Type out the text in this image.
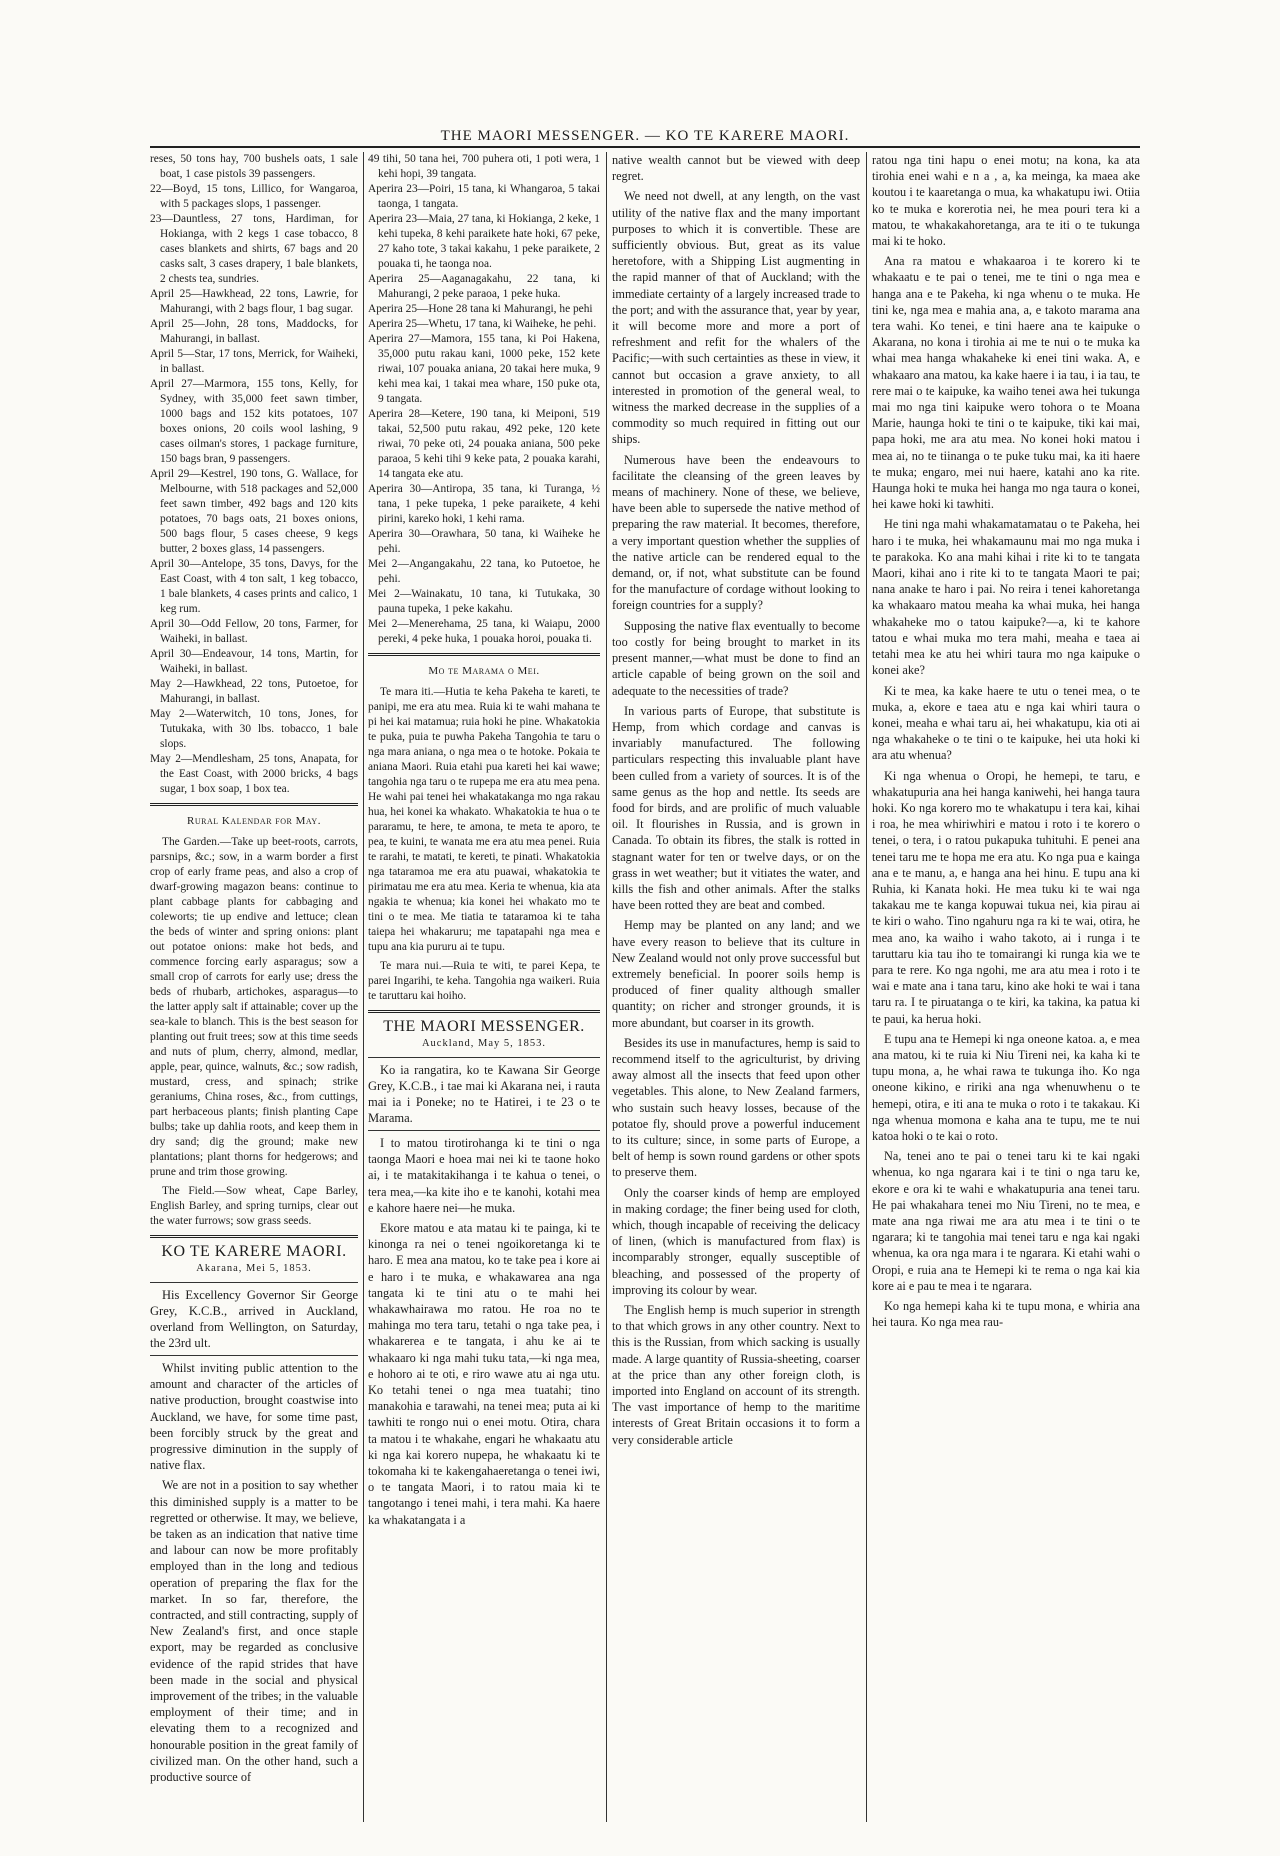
THE MAORI MESSENGER. — KO TE KARERE MAORI.

reses, 50 tons hay, 700 bushels oats, 1 sale boat, 1 case pistols 39 passengers.

22—Boyd, 15 tons, Lillico, for Wangaroa, with 5 packages slops, 1 passenger.

23—Dauntless, 27 tons, Hardiman, for Hokianga, with 2 kegs 1 case tobacco, 8 cases blankets and shirts, 67 bags and 20 casks salt, 3 cases drapery, 1 bale blankets, 2 chests tea, sundries.

April 25—Hawkhead, 22 tons, Lawrie, for Mahurangi, with 2 bags flour, 1 bag sugar.

April 25—John, 28 tons, Maddocks, for Mahurangi, in ballast.

April 5—Star, 17 tons, Merrick, for Waiheki, in ballast.

April 27—Marmora, 155 tons, Kelly, for Sydney, with 35,000 feet sawn timber, 1000 bags and 152 kits potatoes, 107 boxes onions, 20 coils wool lashing, 9 cases oilman's stores, 1 package furniture, 150 bags bran, 9 passengers.

April 29—Kestrel, 190 tons, G. Wallace, for Melbourne, with 518 packages and 52,000 feet sawn timber, 492 bags and 120 kits potatoes, 70 bags oats, 21 boxes onions, 500 bags flour, 5 cases cheese, 9 kegs butter, 2 boxes glass, 14 passengers.

April 30—Antelope, 35 tons, Davys, for the East Coast, with 4 ton salt, 1 keg tobacco, 1 bale blankets, 4 cases prints and calico, 1 keg rum.

April 30—Odd Fellow, 20 tons, Farmer, for Waiheki, in ballast.

April 30—Endeavour, 14 tons, Martin, for Waiheki, in ballast.

May 2—Hawkhead, 22 tons, Putoetoe, for Mahurangi, in ballast.

May 2—Waterwitch, 10 tons, Jones, for Tutukaka, with 30 lbs. tobacco, 1 bale slops.

May 2—Mendlesham, 25 tons, Anapata, for the East Coast, with 2000 bricks, 4 bags sugar, 1 box soap, 1 box tea.

Rural Kalendar for May.

The Garden.—Take up beet-roots, carrots, parsnips, &c.; sow, in a warm border a first crop of early frame peas, and also a crop of dwarf-growing magazon beans: continue to plant cabbage plants for cabbaging and coleworts; tie up endive and lettuce; clean the beds of winter and spring onions: plant out potatoe onions: make hot beds, and commence forcing early asparagus; sow a small crop of carrots for early use; dress the beds of rhubarb, artichokes, asparagus—to the latter apply salt if attainable; cover up the sea-kale to blanch. This is the best season for planting out fruit trees; sow at this time seeds and nuts of plum, cherry, almond, medlar, apple, pear, quince, walnuts, &c.; sow radish, mustard, cress, and spinach; strike geraniums, China roses, &c., from cuttings, part herbaceous plants; finish planting Cape bulbs; take up dahlia roots, and keep them in dry sand; dig the ground; make new plantations; plant thorns for hedgerows; and prune and trim those growing.

The Field.—Sow wheat, Cape Barley, English Barley, and spring turnips, clear out the water furrows; sow grass seeds.

KO TE KARERE MAORI.
Akarana, Mei 5, 1853.

His Excellency Governor Sir George Grey, K.C.B., arrived in Auckland, overland from Wellington, on Saturday, the 23rd ult.

Whilst inviting public attention to the amount and character of the articles of native production, brought coastwise into Auckland, we have, for some time past, been forcibly struck by the great and progressive diminution in the supply of native flax.

We are not in a position to say whether this diminished supply is a matter to be regretted or otherwise. It may, we believe, be taken as an indication that native time and labour can now be more profitably employed than in the long and tedious operation of preparing the flax for the market. In so far, therefore, the contracted, and still contracting, supply of New Zealand's first, and once staple export, may be regarded as conclusive evidence of the rapid strides that have been made in the social and physical improvement of the tribes; in the valuable employment of their time; and in elevating them to a recognized and honourable position in the great family of civilized man. On the other hand, such a productive source of

49 tihi, 50 tana hei, 700 puhera oti, 1 poti wera, 1 kehi hopi, 39 tangata.

Aperira 23—Poiri, 15 tana, ki Whangaroa, 5 takai taonga, 1 tangata.

Aperira 23—Maia, 27 tana, ki Hokianga, 2 keke, 1 kehi tupeka, 8 kehi paraikete hate hoki, 67 peke, 27 kaho tote, 3 takai kakahu, 1 peke paraikete, 2 pouaka ti, he taonga noa.

Aperira 25—Aaganagakahu, 22 tana, ki Mahurangi, 2 peke paraoa, 1 peke huka.

Aperira 25—Hone 28 tana ki Mahurangi, he pehi

Aperira 25—Whetu, 17 tana, ki Waiheke, he pehi.

Aperira 27—Mamora, 155 tana, ki Poi Hakena, 35,000 putu rakau kani, 1000 peke, 152 kete riwai, 107 pouaka aniana, 20 takai here muka, 9 kehi mea kai, 1 takai mea whare, 150 puke ota, 9 tangata.

Aperira 28—Ketere, 190 tana, ki Meiponi, 519 takai, 52,500 putu rakau, 492 peke, 120 kete riwai, 70 peke oti, 24 pouaka aniana, 500 peke paraoa, 5 kehi tihi 9 keke pata, 2 pouaka karahi, 14 tangata eke atu.

Aperira 30—Antiropa, 35 tana, ki Turanga, ½ tana, 1 peke tupeka, 1 peke paraikete, 4 kehi pirini, kareko hoki, 1 kehi rama.

Aperira 30—Orawhara, 50 tana, ki Waiheke he pehi.

Mei 2—Angangakahu, 22 tana, ko Putoetoe, he pehi.

Mei 2—Wainakatu, 10 tana, ki Tutukaka, 30 pauna tupeka, 1 peke kakahu.

Mei 2—Menerehama, 25 tana, ki Waiapu, 2000 pereki, 4 peke huka, 1 pouaka horoi, pouaka ti.

Mo te Marama o Mei.

Te mara iti.—Hutia te keha Pakeha te kareti, te panipi, me era atu mea. Ruia ki te wahi mahana te pi hei kai matamua; ruia hoki he pine. Whakatokia te puka, puia te puwha Pakeha Tangohia te taru o nga mara aniana, o nga mea o te hotoke. Pokaia te aniana Maori. Ruia etahi pua kareti hei kai wawe; tangohia nga taru o te rupepa me era atu mea pena. He wahi pai tenei hei whakatakanga mo nga rakau hua, hei konei ka whakato. Whakatokia te hua o te pararamu, te here, te amona, te meta te aporo, te pea, te kuini, te wanata me era atu mea penei. Ruia te rarahi, te matati, te kereti, te pinati. Whakatokia nga tataramoa me era atu puawai, whakatokia te pirimatau me era atu mea. Keria te whenua, kia ata ngakia te whenua; kia konei hei whakato mo te tini o te mea. Me tiatia te tataramoa ki te taha taiepa hei whakaruru; me tapatapahi nga mea e tupu ana kia pururu ai te tupu.

Te mara nui.—Ruia te witi, te parei Kepa, te parei Ingarihi, te keha. Tangohia nga waikeri. Ruia te taruttaru kai hoiho.

THE MAORI MESSENGER.
Auckland, May 5, 1853.

Ko ia rangatira, ko te Kawana Sir George Grey, K.C.B., i tae mai ki Akarana nei, i rauta mai ia i Poneke; no te Hatirei, i te 23 o te Marama.

I to matou tirotirohanga ki te tini o nga taonga Maori e hoea mai nei ki te taone hoko ai, i te matakitakihanga i te kahua o tenei, o tera mea,—ka kite iho e te kanohi, kotahi mea e kahore haere nei—he muka.

Ekore matou e ata matau ki te painga, ki te kinonga ra nei o tenei ngoikoretanga ki te haro. E mea ana matou, ko te take pea i kore ai e haro i te muka, e whakawarea ana nga tangata ki te tini atu o te mahi hei whakawhairawa mo ratou. He roa no te mahinga mo tera taru, tetahi o nga take pea, i whakarerea e te tangata, i ahu ke ai te whakaaro ki nga mahi tuku tata,—ki nga mea, e hohoro ai te oti, e riro wawe atu ai nga utu. Ko tetahi tenei o nga mea tuatahi; tino manakohia e tarawahi, na tenei mea; puta ai ki tawhiti te rongo nui o enei motu. Otira, chara ta matou i te whakahe, engari he whakaatu atu ki nga kai korero nupepa, he whakaatu ki te tokomaha ki te kakengahaeretanga o tenei iwi, o te tangata Maori, i to ratou maia ki te tangotango i tenei mahi, i tera mahi. Ka haere ka whakatangata i a

native wealth cannot but be viewed with deep regret.

We need not dwell, at any length, on the vast utility of the native flax and the many important purposes to which it is convertible. These are sufficiently obvious. But, great as its value heretofore, with a Shipping List augmenting in the rapid manner of that of Auckland; with the immediate certainty of a largely increased trade to the port; and with the assurance that, year by year, it will become more and more a port of refreshment and refit for the whalers of the Pacific;—with such certainties as these in view, it cannot but occasion a grave anxiety, to all interested in promotion of the general weal, to witness the marked decrease in the supplies of a commodity so much required in fitting out our ships.

Numerous have been the endeavours to facilitate the cleansing of the green leaves by means of machinery. None of these, we believe, have been able to supersede the native method of preparing the raw material. It becomes, therefore, a very important question whether the supplies of the native article can be rendered equal to the demand, or, if not, what substitute can be found for the manufacture of cordage without looking to foreign countries for a supply?

Supposing the native flax eventually to become too costly for being brought to market in its present manner,—what must be done to find an article capable of being grown on the soil and adequate to the necessities of trade?

In various parts of Europe, that substitute is Hemp, from which cordage and canvas is invariably manufactured. The following particulars respecting this invaluable plant have been culled from a variety of sources. It is of the same genus as the hop and nettle. Its seeds are food for birds, and are prolific of much valuable oil. It flourishes in Russia, and is grown in Canada. To obtain its fibres, the stalk is rotted in stagnant water for ten or twelve days, or on the grass in wet weather; but it vitiates the water, and kills the fish and other animals. After the stalks have been rotted they are beat and combed.

Hemp may be planted on any land; and we have every reason to believe that its culture in New Zealand would not only prove successful but extremely beneficial. In poorer soils hemp is produced of finer quality although smaller quantity; on richer and stronger grounds, it is more abundant, but coarser in its growth.

Besides its use in manufactures, hemp is said to recommend itself to the agriculturist, by driving away almost all the insects that feed upon other vegetables. This alone, to New Zealand farmers, who sustain such heavy losses, because of the potatoe fly, should prove a powerful inducement to its culture; since, in some parts of Europe, a belt of hemp is sown round gardens or other spots to preserve them.

Only the coarser kinds of hemp are employed in making cordage; the finer being used for cloth, which, though incapable of receiving the delicacy of linen, (which is manufactured from flax) is incomparably stronger, equally susceptible of bleaching, and possessed of the property of improving its colour by wear.

The English hemp is much superior in strength to that which grows in any other country. Next to this is the Russian, from which sacking is usually made. A large quantity of Russia-sheeting, coarser at the price than any other foreign cloth, is imported into England on account of its strength. The vast importance of hemp to the maritime interests of Great Britain occasions it to form a very considerable article

ratou nga tini hapu o enei motu; na kona, ka ata tirohia enei wahi e n a , a, ka meinga, ka maea ake koutou i te kaaretanga o mua, ka whakatupu iwi. Otiia ko te muka e korerotia nei, he mea pouri tera ki a matou, te whakakahoretanga, ara te iti o te tukunga mai ki te hoko.

Ana ra matou e whakaaroa i te korero ki te whakaatu e te pai o tenei, me te tini o nga mea e hanga ana e te Pakeha, ki nga whenu o te muka. He tini ke, nga mea e mahia ana, a, e takoto marama ana tera wahi. Ko tenei, e tini haere ana te kaipuke o Akarana, no kona i tirohia ai me te nui o te muka ka whai mea hanga whakaheke ki enei tini waka. A, e whakaaro ana matou, ka kake haere i ia tau, i ia tau, te rere mai o te kaipuke, ka waiho tenei awa hei tukunga mai mo nga tini kaipuke wero tohora o te Moana Marie, haunga hoki te tini o te kaipuke, tiki kai mai, papa hoki, me ara atu mea. No konei hoki matou i mea ai, no te tiinanga o te puke tuku mai, ka iti haere te muka; engaro, mei nui haere, katahi ano ka rite. Haunga hoki te muka hei hanga mo nga taura o konei, hei kawe hoki ki tawhiti.

He tini nga mahi whakamatamatau o te Pakeha, hei haro i te muka, hei whakamaunu mai mo nga muka i te parakoka. Ko ana mahi kihai i rite ki to te tangata Maori, kihai ano i rite ki to te tangata Maori te pai; nana anake te haro i pai. No reira i tenei kahoretanga ka whakaaro matou meaha ka whai muka, hei hanga whakaheke mo o tatou kaipuke?—a, ki te kahore tatou e whai muka mo tera mahi, meaha e taea ai tetahi mea ke atu hei whiri taura mo nga kaipuke o konei ake?

Ki te mea, ka kake haere te utu o tenei mea, o te muka, a, ekore e taea atu e nga kai whiri taura o konei, meaha e whai taru ai, hei whakatupu, kia oti ai nga whakaheke o te tini o te kaipuke, hei uta hoki ki ara atu whenua?

Ki nga whenua o Oropi, he hemepi, te taru, e whakatupuria ana hei hanga kaniwehi, hei hanga taura hoki. Ko nga korero mo te whakatupu i tera kai, kihai i roa, he mea whiriwhiri e matou i roto i te korero o tenei, o tera, i o ratou pukapuka tuhituhi. E penei ana tenei taru me te hopa me era atu. Ko nga pua e kainga ana e te manu, a, e hanga ana hei hinu. E tupu ana ki Ruhia, ki Kanata hoki. He mea tuku ki te wai nga takakau me te kanga kopuwai tukua nei, kia pirau ai te kiri o waho. Tino ngahuru nga ra ki te wai, otira, he mea ano, ka waiho i waho takoto, ai i runga i te taruttaru kia tau iho te tomairangi ki runga kia we te para te rere. Ko nga ngohi, me ara atu mea i roto i te wai e mate ana i tana taru, kino ake hoki te wai i tana taru ra. I te piruatanga o te kiri, ka takina, ka patua ki te paui, ka herua hoki.

E tupu ana te Hemepi ki nga oneone katoa. a, e mea ana matou, ki te ruia ki Niu Tireni nei, ka kaha ki te tupu mona, a, he whai rawa te tukunga iho. Ko nga oneone kikino, e ririki ana nga whenuwhenu o te hemepi, otira, e iti ana te muka o roto i te takakau. Ki nga whenua momona e kaha ana te tupu, me te nui katoa hoki o te kai o roto.

Na, tenei ano te pai o tenei taru ki te kai ngaki whenua, ko nga ngarara kai i te tini o nga taru ke, ekore e ora ki te wahi e whakatupuria ana tenei taru. He pai whakahara tenei mo Niu Tireni, no te mea, e mate ana nga riwai me ara atu mea i te tini o te ngarara; ki te tangohia mai tenei taru e nga kai ngaki whenua, ka ora nga mara i te ngarara. Ki etahi wahi o Oropi, e ruia ana te Hemepi ki te rema o nga kai kia kore ai e pau te mea i te ngarara.

Ko nga hemepi kaha ki te tupu mona, e whiria ana hei taura. Ko nga mea rau-
